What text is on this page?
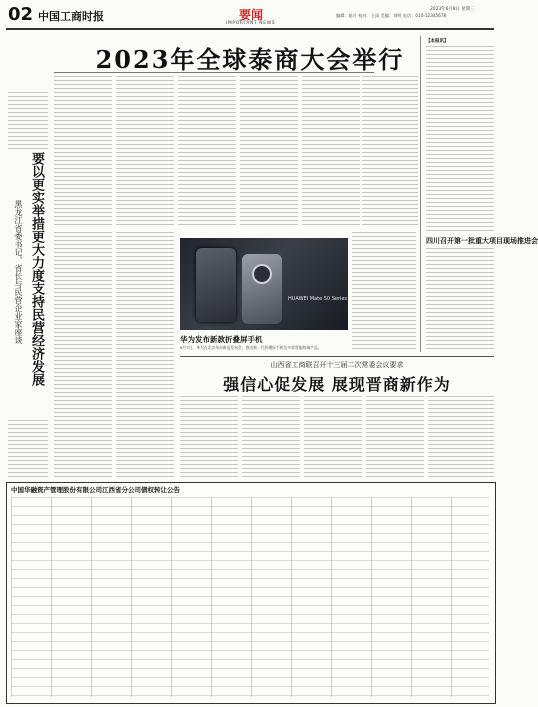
02 中国工商时报	要闻
IMPORTANT NEWS
2023年6月8日 星期三
编辑：陈月 校对：王雨 美编：刘明 电话：010-12345678
2023年全球泰商大会举行
要以更实举措更大力度支持民营经济发展
黑龙江省委书记、省长与民营企业家座谈	HUAWEI Mate 50 Series
华为发布新款折叠屏手机
6月7日，华为在北京举办新品发布会，推出新一代折叠屏手机及多款智能终端产品。
【本报讯】
四川召开第一批重大项目现场推进会
山西省工商联召开十三届二次常委会议要求
强信心促发展 展现晋商新作为
中国华融资产管理股份有限公司江西省分公司债权转让公告
